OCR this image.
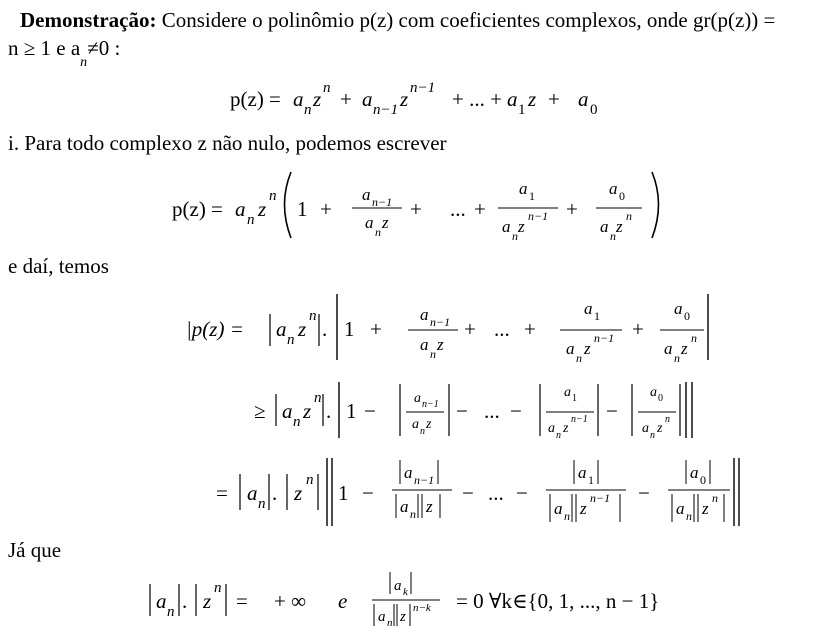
Demonstração: Considere o polinômio p(z) com coeficientes complexos, onde gr(p(z)) =
n ≥ 1 e $a_n\ne 0$ :
p(z) = a n z n + a n−1 z n−1 + ... + a 1 z + a 0
i. Para todo complexo z não nulo, podemos escrever
p(z) = a n z
n
1 +
a n−1
a n z
+ ... +
a 1
a n z
n−1 +
a 0
a n z
n
e daí, temos
|p(z) = a n z
n
. 1 +
a n−1
a n z
+ ... +
a 1
a n z
n−1 +
a 0
a n z
n
≥ a n z
n
. 1 −
a n−1
a n z
− ... −
a 1
a n z
n−1 −
a 0
a n z
n
= a n . z
n
1 −
a n−1
a n z
− ... −
a 1
a n z
n−1 −
a 0
a n z
n
Já que
a n . z
n
= + ∞ e
a k
a n z
n−k = 0 ∀k∈{0, 1, ..., n − 1}
